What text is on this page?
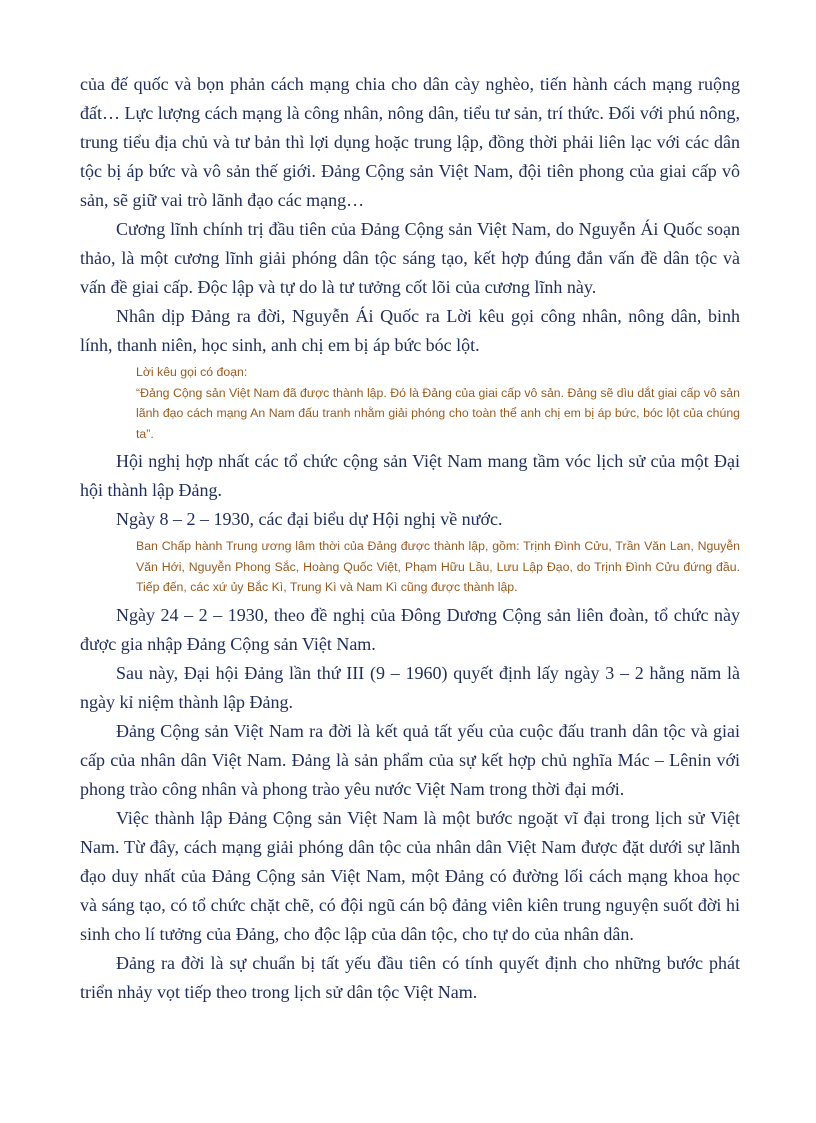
của đế quốc và bọn phản cách mạng chia cho dân cày nghèo, tiến hành cách mạng ruộng đất… Lực lượng cách mạng là công nhân, nông dân, tiểu tư sản, trí thức. Đối với phú nông, trung tiểu địa chủ và tư bản thì lợi dụng hoặc trung lập, đồng thời phải liên lạc với các dân tộc bị áp bức và vô sản thế giới. Đảng Cộng sản Việt Nam, đội tiên phong của giai cấp vô sản, sẽ giữ vai trò lãnh đạo các mạng…

Cương lĩnh chính trị đầu tiên của Đảng Cộng sản Việt Nam, do Nguyễn Ái Quốc soạn thảo, là một cương lĩnh giải phóng dân tộc sáng tạo, kết hợp đúng đắn vấn đề dân tộc và vấn đề giai cấp. Độc lập và tự do là tư tưởng cốt lõi của cương lĩnh này.

Nhân dịp Đảng ra đời, Nguyễn Ái Quốc ra Lời kêu gọi công nhân, nông dân, binh lính, thanh niên, học sinh, anh chị em bị áp bức bóc lột.

Lời kêu gọi có đoạn:

“Đảng Cộng sản Việt Nam đã được thành lập. Đó là Đảng của giai cấp vô sản. Đảng sẽ dìu dắt giai cấp vô sản lãnh đạo cách mạng An Nam đấu tranh nhằm giải phóng cho toàn thể anh chị em bị áp bức, bóc lột của chúng ta”.

Hội nghị hợp nhất các tổ chức cộng sản Việt Nam mang tầm vóc lịch sử của một Đại hội thành lập Đảng.

Ngày 8 – 2 – 1930, các đại biểu dự Hội nghị về nước.

Ban Chấp hành Trung ương lâm thời của Đảng được thành lập, gồm: Trịnh Đình Cửu, Trần Văn Lan, Nguyễn Văn Hới, Nguyễn Phong Sắc, Hoàng Quốc Việt, Phạm Hữu Lầu, Lưu Lập Đạo, do Trịnh Đình Cửu đứng đầu. Tiếp đến, các xứ ủy Bắc Kì, Trung Kì và Nam Kì cũng được thành lập.

Ngày 24 – 2 – 1930, theo đề nghị của Đông Dương Cộng sản liên đoàn, tổ chức này được gia nhập Đảng Cộng sản Việt Nam.

Sau này, Đại hội Đảng lần thứ III (9 – 1960) quyết định lấy ngày 3 – 2 hằng năm là ngày kỉ niệm thành lập Đảng.

Đảng Cộng sản Việt Nam ra đời là kết quả tất yếu của cuộc đấu tranh dân tộc và giai cấp của nhân dân Việt Nam. Đảng là sản phẩm của sự kết hợp chủ nghĩa Mác – Lênin với phong trào công nhân và phong trào yêu nước Việt Nam trong thời đại mới.

Việc thành lập Đảng Cộng sản Việt Nam là một bước ngoặt vĩ đại trong lịch sử Việt Nam. Từ đây, cách mạng giải phóng dân tộc của nhân dân Việt Nam được đặt dưới sự lãnh đạo duy nhất của Đảng Cộng sản Việt Nam, một Đảng có đường lối cách mạng khoa học và sáng tạo, có tổ chức chặt chẽ, có đội ngũ cán bộ đảng viên kiên trung nguyện suốt đời hi sinh cho lí tưởng của Đảng, cho độc lập của dân tộc, cho tự do của nhân dân.

Đảng ra đời là sự chuẩn bị tất yếu đầu tiên có tính quyết định cho những bước phát triển nhảy vọt tiếp theo trong lịch sử dân tộc Việt Nam.
